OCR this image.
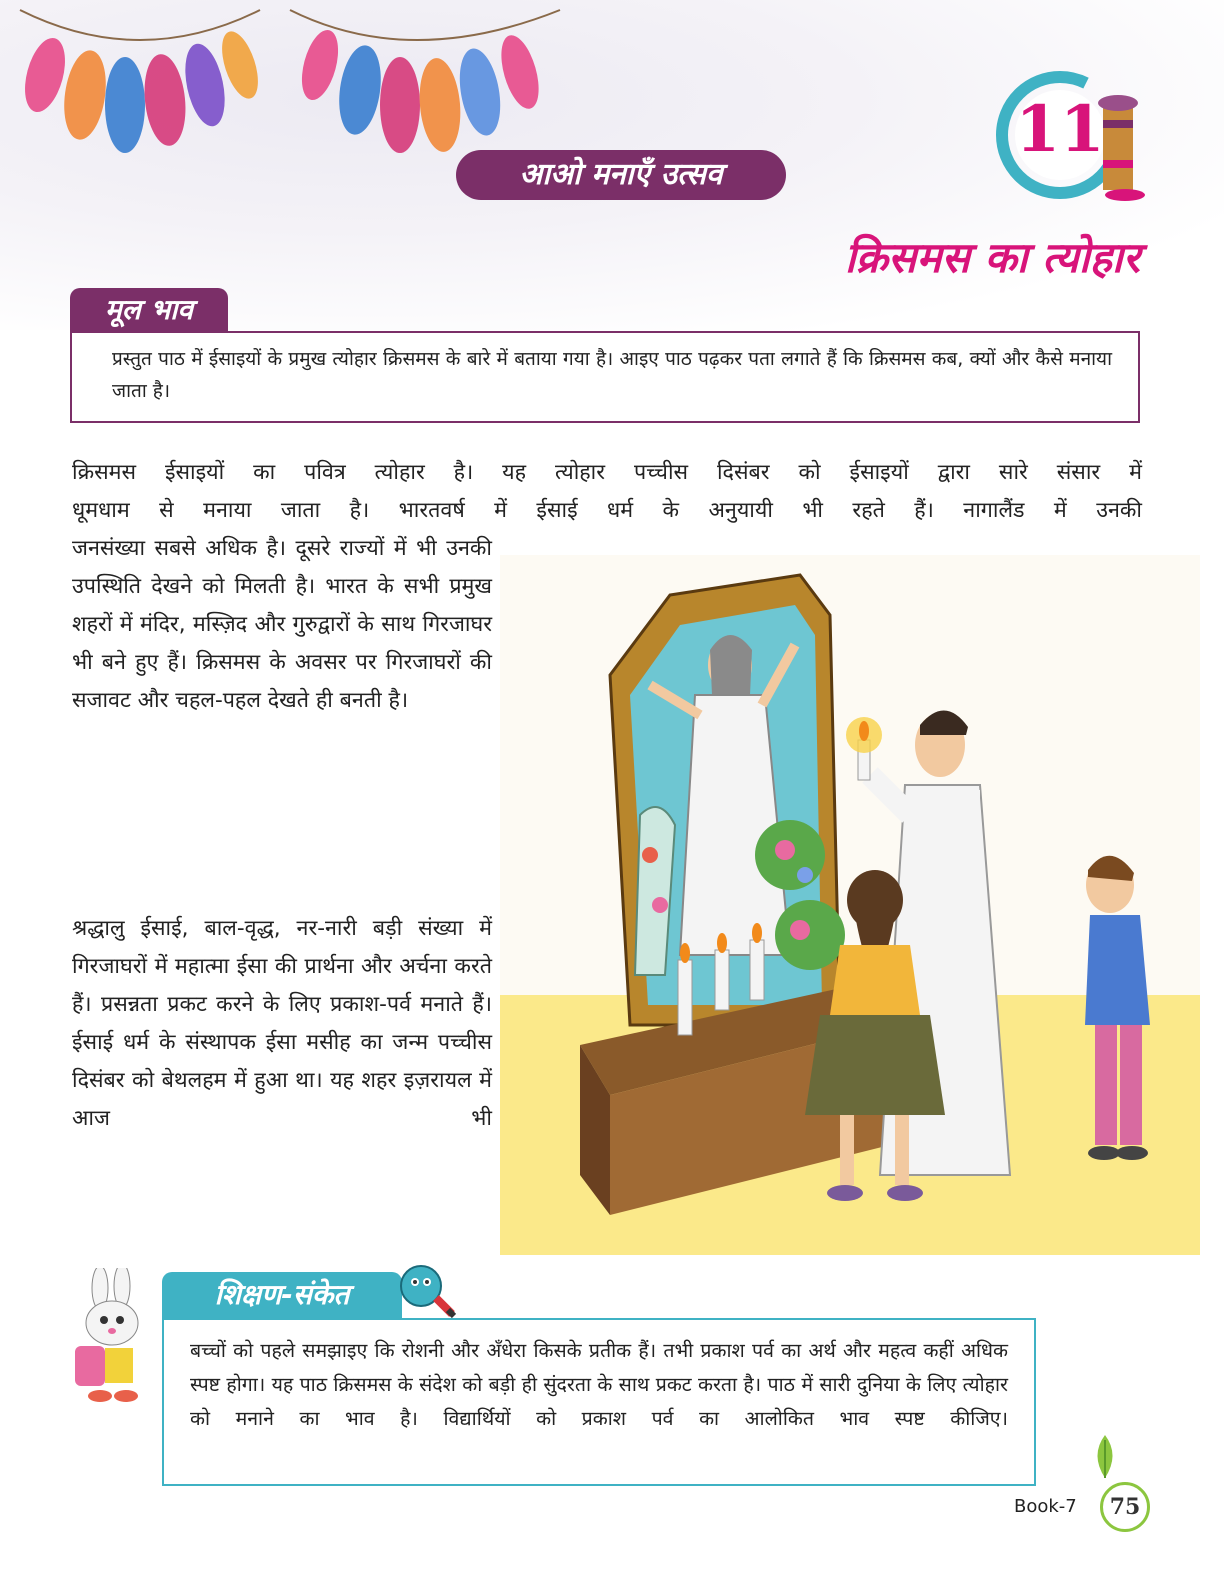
आओ मनाएँ उत्सव
11
क्रिसमस का त्योहार
मूल भाव
प्रस्तुत पाठ में ईसाइयों के प्रमुख त्योहार क्रिसमस के बारे में बताया गया है। आइए पाठ पढ़कर पता लगाते हैं कि क्रिसमस कब, क्यों और कैसे मनाया जाता है।
क्रिसमस ईसाइयों का पवित्र त्योहार है। यह त्योहार पच्चीस दिसंबर को ईसाइयों द्वारा सारे संसार में
धूमधाम से मनाया जाता है। भारतवर्ष में ईसाई धर्म के अनुयायी भी रहते हैं। नागालैंड में उनकी
जनसंख्या सबसे अधिक है। दूसरे राज्यों में भी उनकी उपस्थिति देखने को मिलती है। भारत के सभी प्रमुख शहरों में मंदिर, मस्ज़िद और गुरुद्वारों के साथ गिरजाघर भी बने हुए हैं। क्रिसमस के अवसर पर गिरजाघरों की सजावट और चहल-पहल देखते ही बनती है।
श्रद्धालु ईसाई, बाल-वृद्ध, नर-नारी बड़ी संख्या में गिरजाघरों में महात्मा ईसा की प्रार्थना और अर्चना करते हैं। प्रसन्नता प्रकट करने के लिए प्रकाश-पर्व मनाते हैं। ईसाई धर्म के संस्थापक ईसा मसीह का जन्म पच्चीस दिसंबर को बेथलहम में हुआ था। यह शहर इज़रायल में आज भी
शिक्षण-संकेत
बच्चों को पहले समझाइए कि रोशनी और अँधेरा किसके प्रतीक हैं। तभी प्रकाश पर्व का अर्थ और महत्व कहीं अधिक स्पष्ट होगा। यह पाठ क्रिसमस के संदेश को बड़ी ही सुंदरता के साथ प्रकट करता है। पाठ में सारी दुनिया के लिए त्योहार को मनाने का भाव है। विद्यार्थियों को प्रकाश पर्व का आलोकित भाव स्पष्ट कीजिए।
Book-7	75
